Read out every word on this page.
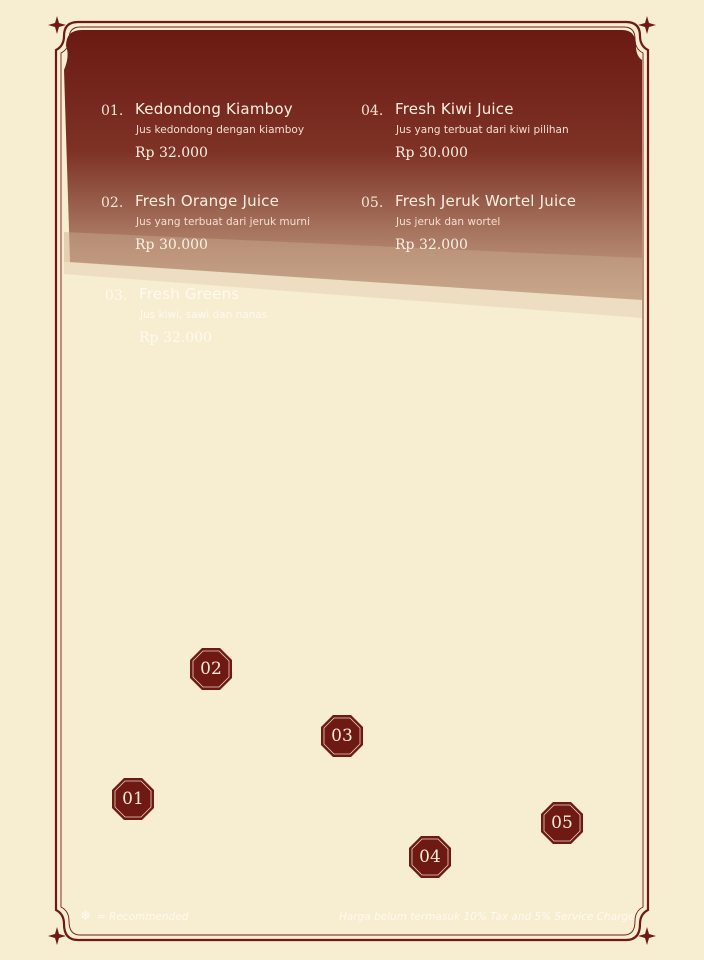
01. Kedondong Kiamboy
Jus kedondong dengan kiamboy
Rp 32.000
02. Fresh Orange Juice
Jus yang terbuat dari jeruk murni
Rp 30.000
03. Fresh Greens
Jus kiwi, sawi dan nanas
Rp 32.000
04. Fresh Kiwi Juice
Jus yang terbuat dari kiwi pilihan
Rp 30.000
05. Fresh Jeruk Wortel Juice
Jus jeruk dan wortel
Rp 32.000
01
02
03
04
05
❄ = Recommended	Harga belum termasuk 10% Tax and 5% Service Charge
